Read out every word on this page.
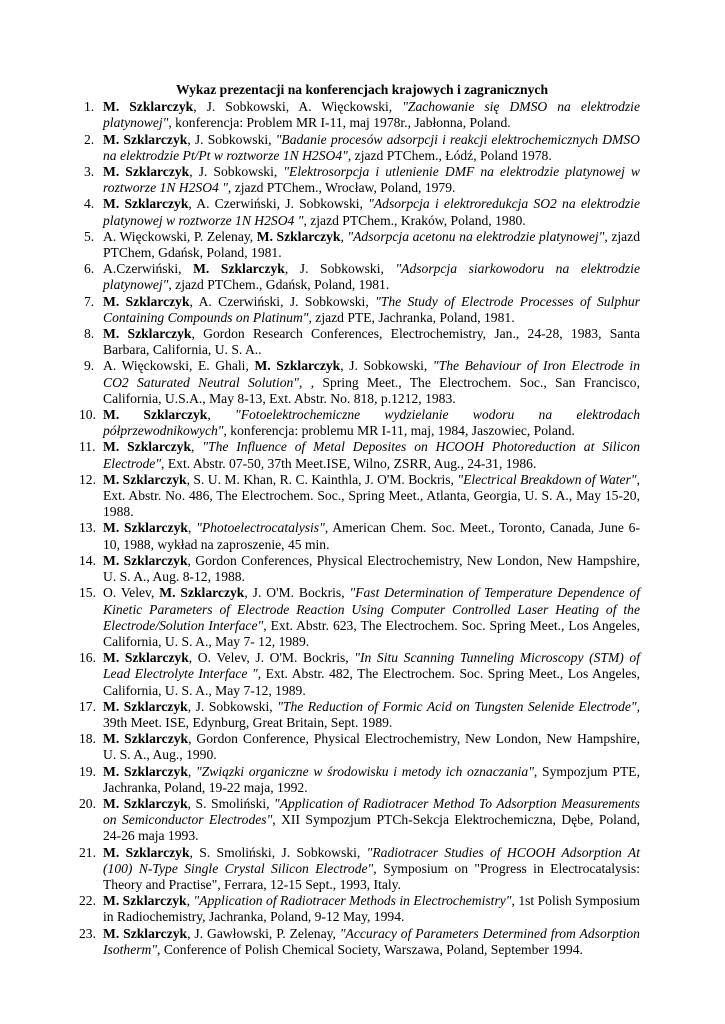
Wykaz prezentacji na konferencjach krajowych i zagranicznych
1. M. Szklarczyk, J. Sobkowski, A. Więckowski, "Zachowanie się DMSO na elektrodzie platynowej", konferencja: Problem MR I-11, maj 1978r., Jabłonna, Poland.
2. M. Szklarczyk, J. Sobkowski, "Badanie procesów adsorpcji i reakcji elektrochemicznych DMSO na elektrodzie Pt/Pt w roztworze 1N H2SO4", zjazd PTChem., Łódź, Poland 1978.
3. M. Szklarczyk, J. Sobkowski, "Elektrosorpcja i utlenienie DMF na elektrodzie platynowej w roztworze 1N H2SO4 ", zjazd PTChem., Wrocław, Poland, 1979.
4. M. Szklarczyk, A. Czerwiński, J. Sobkowski, "Adsorpcja i elektroredukcja SO2 na elektrodzie platynowej w roztworze 1N H2SO4 ", zjazd PTChem., Kraków, Poland, 1980.
5. A. Więckowski, P. Zelenay, M. Szklarczyk, "Adsorpcja acetonu na elektrodzie platynowej", zjazd PTChem, Gdańsk, Poland, 1981.
6. A.Czerwiński, M. Szklarczyk, J. Sobkowski, "Adsorpcja siarkowodoru na elektrodzie platynowej", zjazd PTChem., Gdańsk, Poland, 1981.
7. M. Szklarczyk, A. Czerwiński, J. Sobkowski, "The Study of Electrode Processes of Sulphur Containing Compounds on Platinum", zjazd PTE, Jachranka, Poland, 1981.
8. M. Szklarczyk, Gordon Research Conferences, Electrochemistry, Jan., 24-28, 1983, Santa Barbara, California, U. S. A..
9. A. Więckowski, E. Ghali, M. Szklarczyk, J. Sobkowski, "The Behaviour of Iron Electrode in CO2 Saturated Neutral Solution", , Spring Meet., The Electrochem. Soc., San Francisco, California, U.S.A., May 8-13, Ext. Abstr. No. 818, p.1212, 1983.
10. M. Szklarczyk, "Fotoelektrochemiczne wydzielanie wodoru na elektrodach półprzewodnikowych", konferencja: problemu MR I-11, maj, 1984, Jaszowiec, Poland.
11. M. Szklarczyk, "The Influence of Metal Deposites on HCOOH Photoreduction at Silicon Electrode", Ext. Abstr. 07-50, 37th Meet.ISE, Wilno, ZSRR, Aug., 24-31, 1986.
12. M. Szklarczyk, S. U. M. Khan, R. C. Kainthla, J. O'M. Bockris, "Electrical Breakdown of Water", Ext. Abstr. No. 486, The Electrochem. Soc., Spring Meet., Atlanta, Georgia, U. S. A., May 15-20, 1988.
13. M. Szklarczyk, "Photoelectrocatalysis", American Chem. Soc. Meet., Toronto, Canada, June 6-10, 1988, wykład na zaproszenie, 45 min.
14. M. Szklarczyk, Gordon Conferences, Physical Electrochemistry, New London, New Hampshire, U. S. A., Aug. 8-12, 1988.
15. O. Velev, M. Szklarczyk, J. O'M. Bockris, "Fast Determination of Temperature Dependence of Kinetic Parameters of Electrode Reaction Using Computer Controlled Laser Heating of the Electrode/Solution Interface", Ext. Abstr. 623, The Electrochem. Soc. Spring Meet., Los Angeles, California, U. S. A., May 7- 12, 1989.
16. M. Szklarczyk, O. Velev, J. O'M. Bockris, "In Situ Scanning Tunneling Microscopy (STM) of Lead Electrolyte Interface ", Ext. Abstr. 482, The Electrochem. Soc. Spring Meet., Los Angeles, California, U. S. A., May 7-12, 1989.
17. M. Szklarczyk, J. Sobkowski, "The Reduction of Formic Acid on Tungsten Selenide Electrode", 39th Meet. ISE, Edynburg, Great Britain, Sept. 1989.
18. M. Szklarczyk, Gordon Conference, Physical Electrochemistry, New London, New Hampshire, U. S. A., Aug., 1990.
19. M. Szklarczyk, "Związki organiczne w środowisku i metody ich oznaczania", Sympozjum PTE, Jachranka, Poland, 19-22 maja, 1992.
20. M. Szklarczyk, S. Smoliński, "Application of Radiotracer Method To Adsorption Measurements on Semiconductor Electrodes", XII Sympozjum PTCh-Sekcja Elektrochemiczna, Dębe, Poland, 24-26 maja 1993.
21. M. Szklarczyk, S. Smoliński, J. Sobkowski, "Radiotracer Studies of HCOOH Adsorption At (100) N-Type Single Crystal Silicon Electrode", Symposium on "Progress in Electrocatalysis: Theory and Practise", Ferrara, 12-15 Sept., 1993, Italy.
22. M. Szklarczyk, "Application of Radiotracer Methods in Electrochemistry", 1st Polish Symposium in Radiochemistry, Jachranka, Poland, 9-12 May, 1994.
23. M. Szklarczyk, J. Gawłowski, P. Zelenay, "Accuracy of Parameters Determined from Adsorption Isotherm", Conference of Polish Chemical Society, Warszawa, Poland, September 1994.
